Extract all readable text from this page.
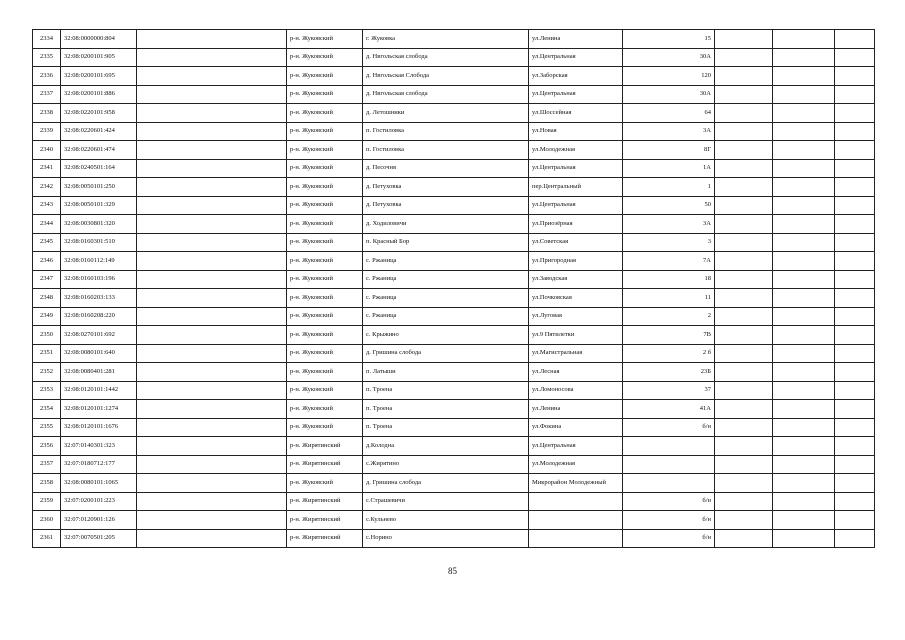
2334	32:08:0000000:804		р-н. Жуковский	г. Жуковка	ул.Ленина	15			
2335	32:08:0200101:905		р-н. Жуковский	д. Нвгольская слобода	ул.Центральная	30А			
2336	32:08:0200101:695		р-н. Жуковский	д. Нвгольская Слобода	ул.Заборская	120			
2337	32:08:0200101:886		р-н. Жуковский	д. Нвгольская слобода	ул.Центральная	30А			
2338	32:08:0220101:958		р-н. Жуковский	д. Летошники	ул.Шоссейная	64			
2339	32:08:0220601:424		р-н. Жуковский	п. Гостиловка	ул.Новая	3А			
2340	32:08:0220601:474		р-н. Жуковский	п. Гостиловка	ул.Молодежная	8Г			
2341	32:08:0240501:164		р-н. Жуковский	д. Песочня	ул.Центральная	1А			
2342	32:08:0050101:250		р-н. Жуковский	д. Петуховка	пер.Центральный	1			
2343	32:08:0050101:329		р-н. Жуковский	д. Петуховка	ул.Центральная	50			
2344	32:08:0030801:320		р-н. Жуковский	д. Ходиловичи	ул.Приозёрная	3А			
2345	32:08:0160301:510		р-н. Жуковский	п. Красный Бор	ул.Советская	3			
2346	32:08:0160112:149		р-н. Жуковский	с. Ржаница	ул.Пригородная	7А			
2347	32:08:0160103:196		р-н. Жуковский	с. Ржаница	ул.Заводская	18			
2348	32:08:0160203:133		р-н. Жуковский	с. Ржаница	ул.Почковская	11			
2349	32:08:0160208:220		р-н. Жуковский	с. Ржаница	ул.Луговая	2			
2350	32:08:0270101:692		р-н. Жуковский	с. Крыжино	ул.9 Пятилетки	7В			
2351	32:08:0080101:640		р-н. Жуковский	д. Гришина слобода	ул.Магистральная	2 б			
2352	32:08:0080401:281		р-н. Жуковский	п. Латыши	ул.Лесная	23Б			
2353	32:08:0120101:1442		р-н. Жуковский	п. Троена	ул.Ломоносова	37			
2354	32:08:0120101:1274		р-н. Жуковский	п. Троена	ул.Ленина	41А			
2355	32:08:0120101:1676		р-н. Жуковский	п. Троена	ул.Фокина	б/н			
2356	32:07:0140301:323		р-н. Жирятинский	д.Колодна	ул.Центральная				
2357	32:07:0180712:177		р-н. Жирятинский	с.Жирятино	ул.Молодежная				
2358	32:08:0080101:1065		р-н. Жуковский	д. Гришина слобода	Микрорайон Молодежный				
2359	32:07:0200101:223		р-н. Жирятинский	с.Страшевичи		б/н			
2360	32:07:0120901:126		р-н. Жирятинский	с.Кульнево		б/н			
2361	32:07:0070501:205		р-н. Жирятинский	с.Норино		б/н			
85
